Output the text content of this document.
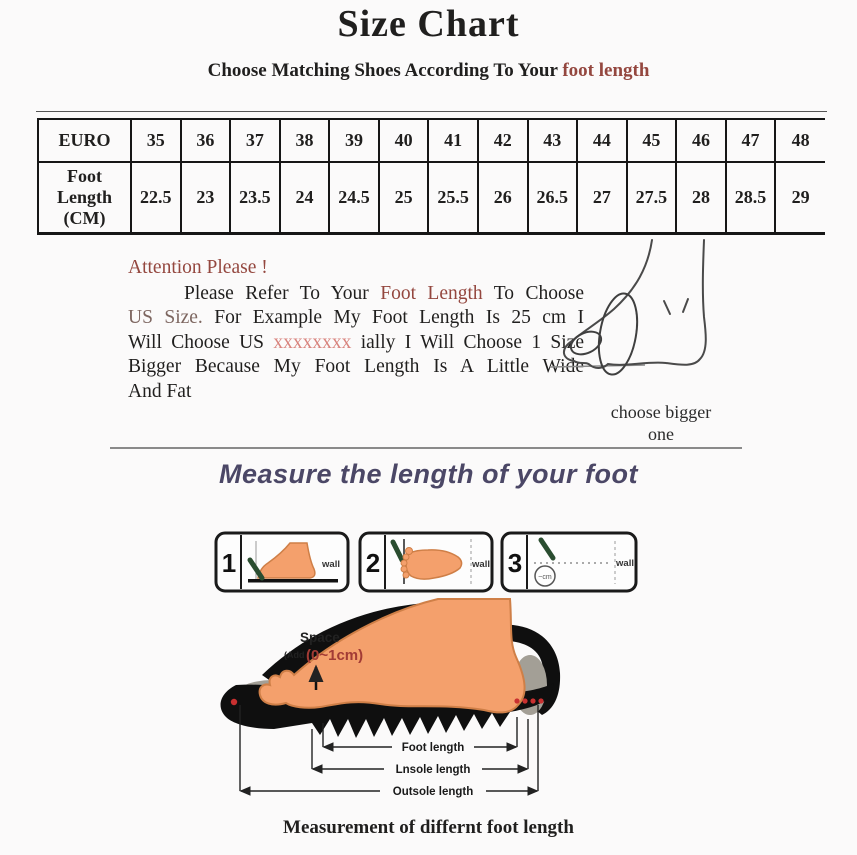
Size Chart
Choose Matching Shoes According To Your foot length
EURO	35	36	37	38	39	40	41	42	43	44	45	46	47	48
Foot Length (CM)	22.5	23	23.5	24	24.5	25	25.5	26	26.5	27	27.5	28	28.5	29
Attention Please !
Please Refer To Your Foot Length To Choose
US Size. For Example My Foot Length Is 25 cm I
Will Choose US xxxxxxxx ially I Will Choose 1 Size
Bigger Because My Foot Length Is A Little Wide
And Fat
choose bigger one
Measure the length of your foot
1	wall 2	wall 3 ~cm
wall
Space
(Add (0~1cm)
Foot length
Lnsole length
Outsole length
Measurement of differnt foot length
